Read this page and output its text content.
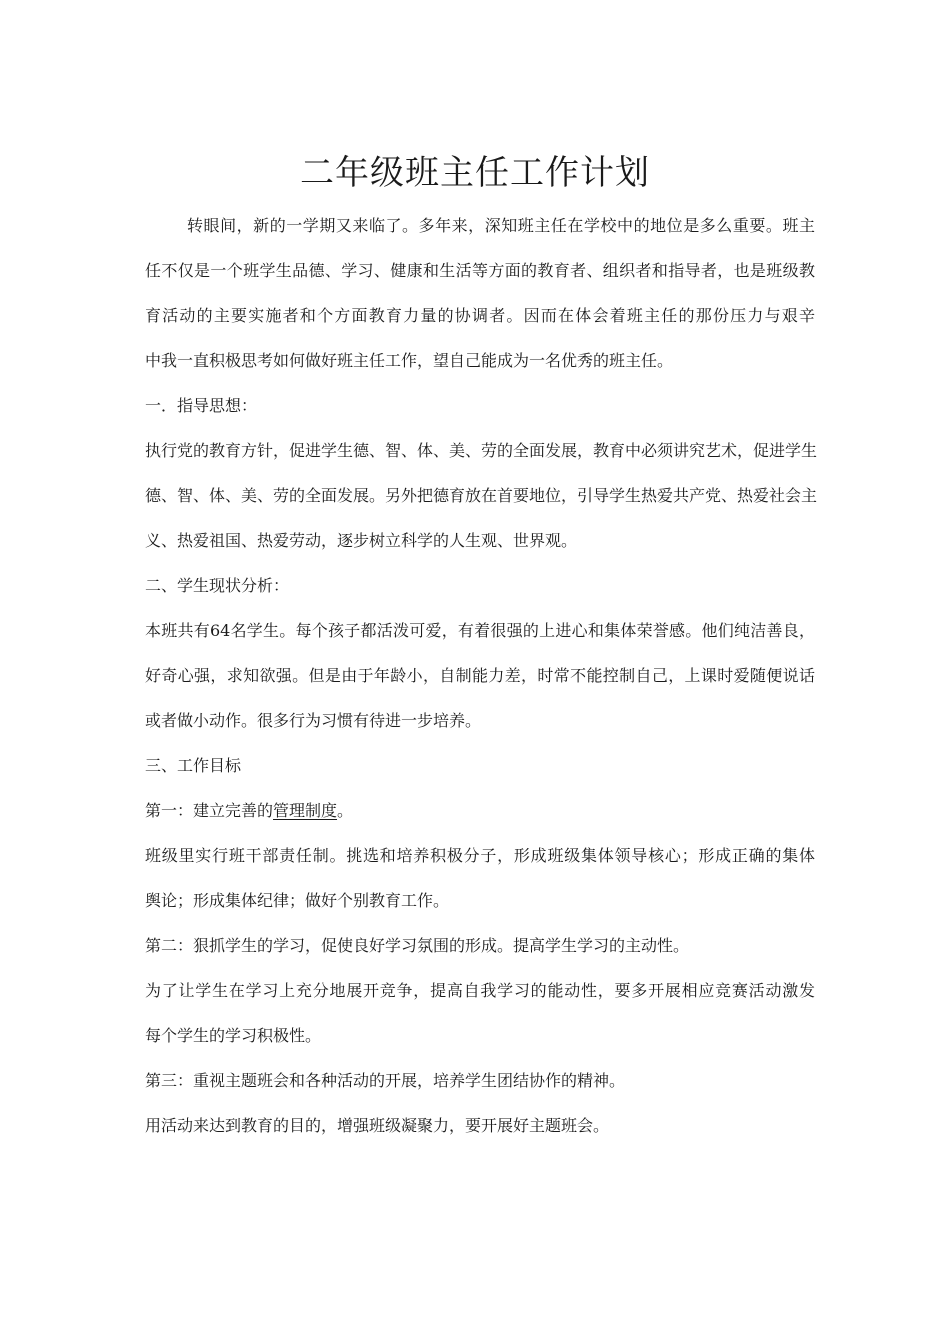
二年级班主任工作计划
转眼间，新的一学期又来临了。多年来，深知班主任在学校中的地位是多么重要。班主
任不仅是一个班学生品德、学习、健康和生活等方面的教育者、组织者和指导者，也是班级教
育活动的主要实施者和个方面教育力量的协调者。因而在体会着班主任的那份压力与艰辛
中我一直积极思考如何做好班主任工作，望自己能成为一名优秀的班主任。
一．指导思想：
执行党的教育方针，促进学生德、智、体、美、劳的全面发展，教育中必须讲究艺术，促进学生
德、智、体、美、劳的全面发展。另外把德育放在首要地位，引导学生热爱共产党、热爱社会主
义、热爱祖国、热爱劳动，逐步树立科学的人生观、世界观。
二、学生现状分析：
本班共有64名学生。每个孩子都活泼可爱，有着很强的上进心和集体荣誉感。他们纯洁善良，
好奇心强，求知欲强。但是由于年龄小，自制能力差，时常不能控制自己，上课时爱随便说话
或者做小动作。很多行为习惯有待进一步培养。
三、工作目标
第一：建立完善的管理制度。
班级里实行班干部责任制。挑选和培养积极分子，形成班级集体领导核心；形成正确的集体
舆论；形成集体纪律；做好个别教育工作。
第二：狠抓学生的学习，促使良好学习氛围的形成。提高学生学习的主动性。
为了让学生在学习上充分地展开竞争，提高自我学习的能动性，要多开展相应竞赛活动激发
每个学生的学习积极性。
第三：重视主题班会和各种活动的开展，培养学生团结协作的精神。
用活动来达到教育的目的，增强班级凝聚力，要开展好主题班会。
